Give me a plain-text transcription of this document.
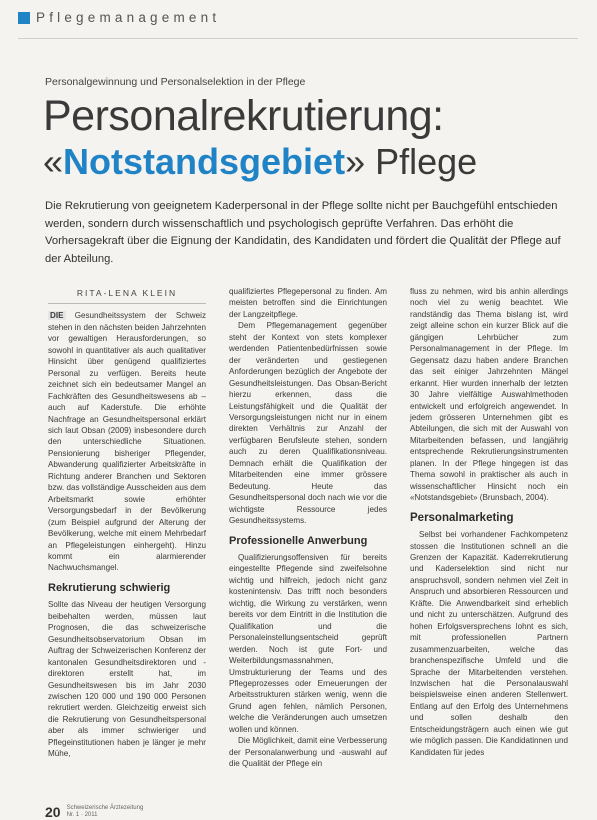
Pflegemanagement
Personalgewinnung und Personalselektion in der Pflege
Personalrekrutierung:
«Notstandsgebiet» Pflege
Die Rekrutierung von geeignetem Kaderpersonal in der Pflege sollte nicht per Bauchgefühl entschieden werden, sondern durch wissenschaftlich und psychologisch geprüfte Verfahren. Das erhöht die Vorhersagekraft über die Eignung der Kandidatin, des Kandidaten und fördert die Qualität der Pflege auf der Abteilung.
RITA-LENA KLEIN

DIE Gesundheitssystem der Schweiz stehen in den nächsten beiden Jahrzehnten vor gewaltigen Herausforderungen, so sowohl in quantitativer als auch qualitativer Hinsicht über genügend qualifiziertes Personal zu verfügen. Bereits heute zeichnet sich ein bedeutsamer Mangel an Fachkräften des Gesundheitswesens ab – auch auf Kaderstufe. Die erhöhte Nachfrage an Gesundheitspersonal erklärt sich laut Obsan (2009) insbesondere durch den unterschiedliche Situationen. Pensionierung bisheriger Pflegender, Abwanderung qualifizierter Arbeitskräfte in Richtung anderer Branchen und Sektoren bzw. das vollständige Ausscheiden aus dem Arbeitsmarkt sowie erhöhter Versorgungsbedarf in der Bevölkerung (zum Beispiel aufgrund der Alterung der Bevölkerung, welche mit einem Mehrbedarf an Pflegeleistungen einhergeht). Hinzu kommt ein alarmierender Nachwuchsmangel.

Rekrutierung schwierig

Sollte das Niveau der heutigen Versorgung beibehalten werden, müssen laut Prognosen, die das schweizerische Gesundheitsobservatorium Obsan im Auftrag der Schweizerischen Konferenz der kantonalen Gesundheitsdirektoren und -direktoren erstellt hat, im Gesundheitswesen bis im Jahr 2030 zwischen 120 000 und 190 000 Personen rekrutiert werden. Gleichzeitig erweist sich die Rekrutierung von Gesundheitspersonal aber als immer schwieriger und Pflegeinstitutionen haben je länger je mehr Mühe,

qualifiziertes Pflegepersonal zu finden. Am meisten betroffen sind die Einrichtungen der Langzeitpflege.

Dem Pflegemanagement gegenüber steht der Kontext von stets komplexer werdenden Patientenbedürfnissen sowie der veränderten und gestiegenen Anforderungen bezüglich der Angebote der Gesundheitsleistungen. Das Obsan-Bericht hierzu erkennen, dass die Leistungsfähigkeit und die Qualität der Versorgungsleistungen nicht nur in einem direkten Verhältnis zur Anzahl der verfügbaren Berufsleute stehen, sondern auch zu deren Qualifikationsniveau. Demnach erhält die Qualifikation der Mitarbeitenden eine immer grössere Bedeutung. Heute das Gesundheitspersonal doch nach wie vor die wichtigste Ressource jedes Gesundheitssystems.

Professionelle Anwerbung

Qualifizierungsoffensiven für bereits eingestellte Pflegende sind zweifelsohne wichtig und hilfreich, jedoch nicht ganz kostenintensiv. Das trifft noch besonders wichtig, die Wirkung zu verstärken, wenn bereits vor dem Eintritt in die Institution die Qualifikation und die Personaleinstellungsentscheid geprüft werden. Noch ist gute Fort- und Weiterbildungsmassnahmen, Umstrukturierung der Teams und des Pflegeprozesses oder Erneuerungen der Arbeitsstrukturen stärken wenig, wenn die Grund agen fehlen, nämlich Personen, welche die Veränderungen auch umsetzen wollen und können.

Die Möglichkeit, damit eine Verbesserung der Personalanwerbung und -auswahl auf die Qualität der Pflege ein

fluss zu nehmen, wird bis anhin allerdings noch viel zu wenig beachtet. Wie randständig das Thema bislang ist, wird zeigt alleine schon ein kurzer Blick auf die gängigen Lehrbücher zum Personalmanagement in der Pflege. Im Gegensatz dazu haben andere Branchen das seit einiger Jahrzehnten Mängel erkannt. Hier wurden innerhalb der letzten 30 Jahre vielfältige Auswahlmethoden entwickelt und erfolgreich angewendet. In jedem grösseren Unternehmen gibt es Abteilungen, die sich mit der Auswahl von Mitarbeitenden befassen, und langjährig entsprechende Rekrutierungsinstrumenten planen. In der Pflege hingegen ist das Thema sowohl in praktischer als auch in wissenschaftlicher Hinsicht noch ein «Notstandsgebiet» (Brunsbach, 2004).

Personalmarketing

Selbst bei vorhandener Fachkompetenz stossen die Institutionen schnell an die Grenzen der Kapazität. Kaderrekrutierung und Kaderselektion sind nicht nur anspruchsvoll, sondern nehmen viel Zeit in Anspruch und absorbieren Ressourcen und Kräfte. Die Anwendbarkeit sind erheblich und nicht zu unterschätzen. Aufgrund des hohen Erfolgsversprechens lohnt es sich, mit professionellen Partnern zusammenzuarbeiten, welche das branchenspezifische Umfeld und die Sprache der Mitarbeitenden verstehen. Inzwischen hat die Personalauswahl beispielsweise einen anderen Stellenwert. Entlang auf den Erfolg des Unternehmens und sollen deshalb den Entscheidungsträgern auch einen wie gut wie möglich passen. Die Kandidatinnen und Kandidaten für jedes

20 Schweizerische Ärztezeitung
Nr. 1 · 2011
